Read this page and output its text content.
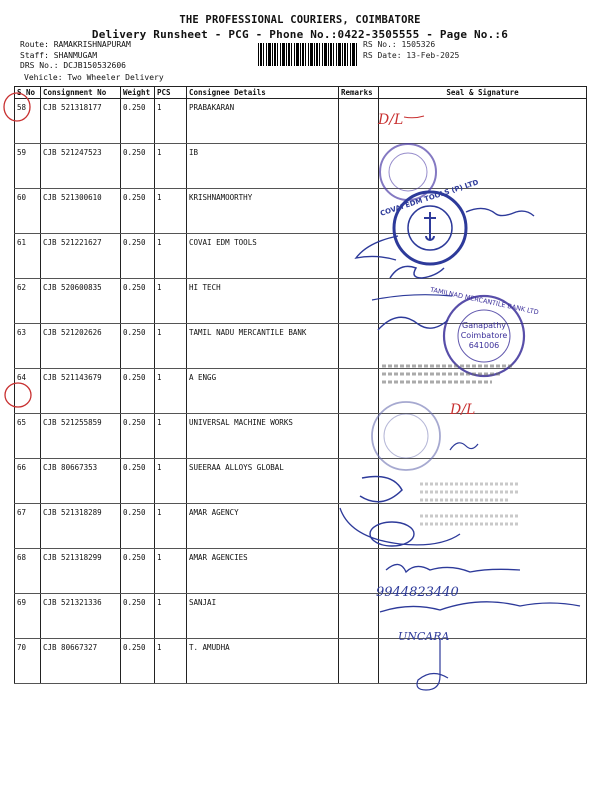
THE PROFESSIONAL COURIERS, COIMBATORE
Delivery Runsheet - PCG - Phone No.:0422-3505555 - Page No.:6
Route: RAMAKRISHNAPURAM
Staff: SHANMUGAM
DRS No.: DCJB150532606
RS No.: 1505326
RS Date: 13-Feb-2025
Vehicle: Two Wheeler Delivery
S No	Consignment No	Weight	PCS	Consignee Details	Remarks	Seal & Signature
58	CJB 521318177	0.250	1	PRABAKARAN		
59	CJB 521247523	0.250	1	IB		
60	CJB 521300610	0.250	1	KRISHNAMOORTHY		
61	CJB 521221627	0.250	1	COVAI EDM TOOLS		
62	CJB 520600835	0.250	1	HI TECH		
63	CJB 521202626	0.250	1	TAMIL NADU MERCANTILE BANK		
64	CJB 521143679	0.250	1	A ENGG		
65	CJB 521255859	0.250	1	UNIVERSAL MACHINE WORKS		
66	CJB 80667353	0.250	1	SUEERAA ALLOYS GLOBAL		
67	CJB 521318289	0.250	1	AMAR AGENCY		
68	CJB 521318299	0.250	1	AMAR AGENCIES		
69	CJB 521321336	0.250	1	SANJAI		
70	CJB 80667327	0.250	1	T. AMUDHA		
D/L
COVAI EDM TOOLS (P) LTD
TAMILNAD MERCANTILE BANK LTD
Ganapathy
Coimbatore
641006
D/L
9944823440
UNCARA
